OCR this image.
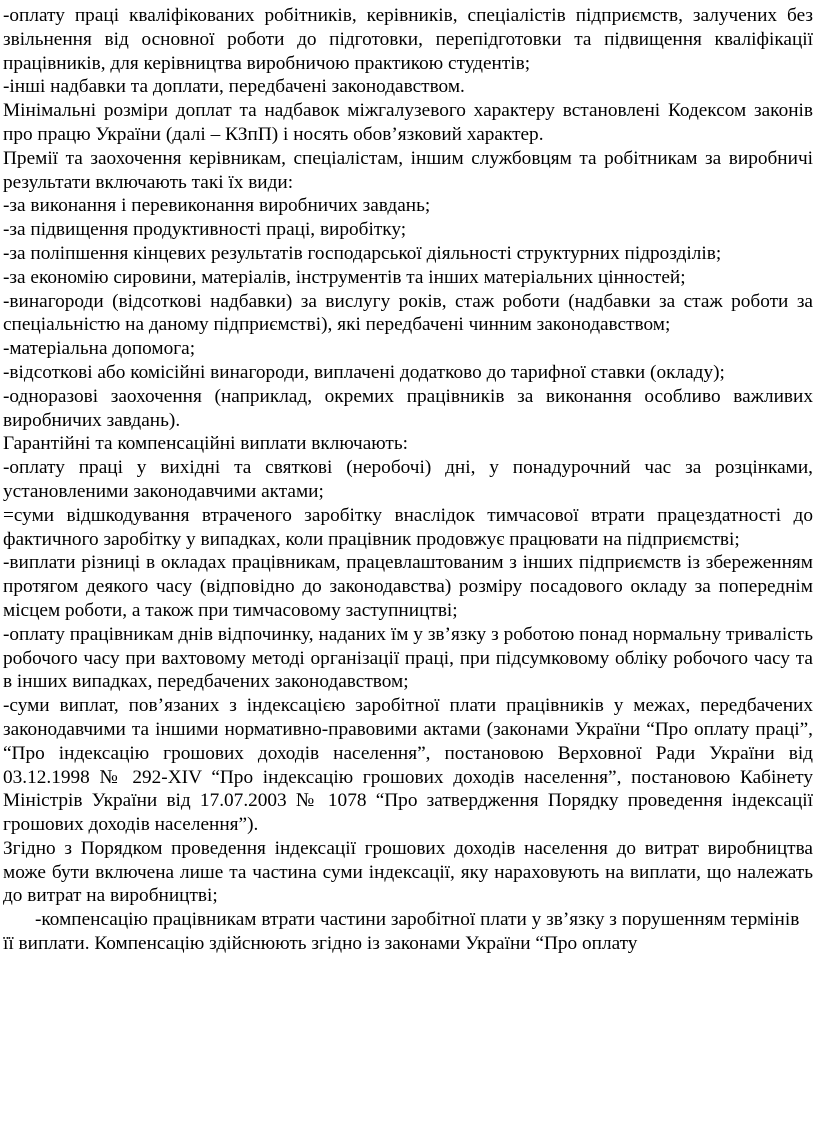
-оплату праці кваліфікованих робітників, керівників, спеціалістів підприємств, залучених без звільнення від основної роботи до підготовки, перепідготовки та підвищення кваліфікації працівників, для керівництва виробничою практикою студентів;

-інші надбавки та доплати, передбачені законодавством.

Мінімальні розміри доплат та надбавок міжгалузевого характеру встановлені Кодексом законів про працю України (далі – КЗпП) і носять обов’язковий характер.

Премії та заохочення керівникам, спеціалістам, іншим службовцям та робітникам за виробничі результати включають такі їх види:

-за виконання і перевиконання виробничих завдань;

-за підвищення продуктивності праці, виробітку;

-за поліпшення кінцевих результатів господарської діяльності структурних підрозділів;

-за економію сировини, матеріалів, інструментів та інших матеріальних цінностей;

-винагороди (відсоткові надбавки) за вислугу років, стаж роботи (надбавки за стаж роботи за спеціальністю на даному підприємстві), які передбачені чинним законодавством;

-матеріальна допомога;

-відсоткові або комісійні винагороди, виплачені додатково до тарифної ставки (окладу);

-одноразові заохочення (наприклад, окремих працівників за виконання особливо важливих виробничих завдань).

Гарантійні та компенсаційні виплати включають:

-оплату праці у вихідні та святкові (неробочі) дні, у понадурочний час за розцінками, установленими законодавчими актами;

=суми відшкодування втраченого заробітку внаслідок тимчасової втрати працездатності до фактичного заробітку у випадках, коли працівник продовжує працювати на підприємстві;

-виплати різниці в окладах працівникам, працевлаштованим з інших підприємств із збереженням протягом деякого часу (відповідно до законодавства) розміру посадового окладу за попереднім місцем роботи, а також при тимчасовому заступництві;

-оплату працівникам днів відпочинку, наданих їм у зв’язку з роботою понад нормальну тривалість робочого часу при вахтовому методі організації праці, при підсумковому обліку робочого часу та в інших випадках, передбачених законодавством;

-суми виплат, пов’язаних з індексацією заробітної плати працівників у межах, передбачених законодавчими та іншими нормативно-правовими актами (законами України “Про оплату праці”, “Про індексацію грошових доходів населення”, постановою Верховної Ради України від 03.12.1998 № 292-XIV “Про індексацію грошових доходів населення”, постановою Кабінету Міністрів України від 17.07.2003 № 1078 “Про затвердження Порядку проведення індексації грошових доходів населення”).

Згідно з Порядком проведення індексації грошових доходів населення до витрат виробництва може бути включена лише та частина суми індексації, яку нараховують на виплати, що належать до витрат на виробництві;

-компенсацію працівникам втрати частини заробітної плати у зв’язку з порушенням термінів її виплати. Компенсацію здійснюють згідно із законами України “Про оплату
